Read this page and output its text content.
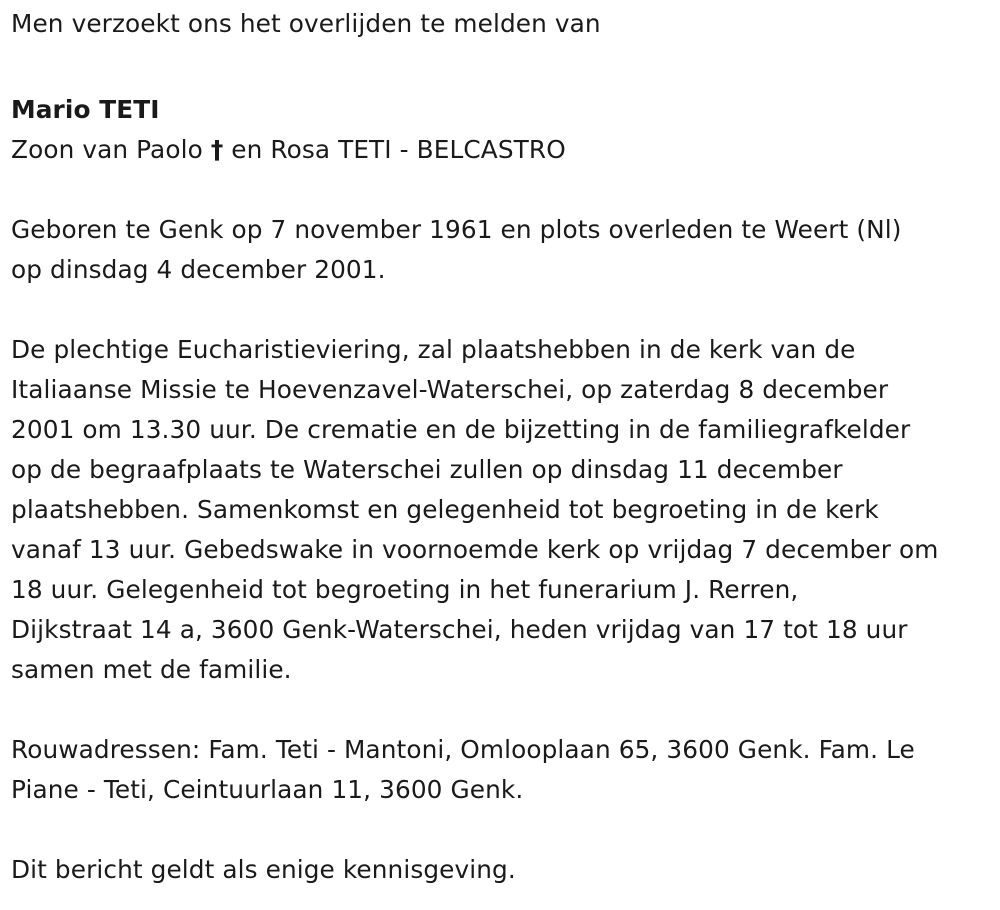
Men verzoekt ons het overlijden te melden van
Mario TETI
Zoon van Paolo † en Rosa TETI - BELCASTRO
Geboren te Genk op 7 november 1961 en plots overleden te Weert (Nl)
op dinsdag 4 december 2001.
De plechtige Eucharistieviering, zal plaatshebben in de kerk van de
Italiaanse Missie te Hoevenzavel-Waterschei, op zaterdag 8 december
2001 om 13.30 uur. De crematie en de bijzetting in de familiegrafkelder
op de begraafplaats te Waterschei zullen op dinsdag 11 december
plaatshebben. Samenkomst en gelegenheid tot begroeting in de kerk
vanaf 13 uur. Gebedswake in voornoemde kerk op vrijdag 7 december om
18 uur. Gelegenheid tot begroeting in het funerarium J. Rerren,
Dijkstraat 14 a, 3600 Genk-Waterschei, heden vrijdag van 17 tot 18 uur
samen met de familie.
Rouwadressen: Fam. Teti - Mantoni, Omlooplaan 65, 3600 Genk. Fam. Le
Piane - Teti, Ceintuurlaan 11, 3600 Genk.
Dit bericht geldt als enige kennisgeving.
